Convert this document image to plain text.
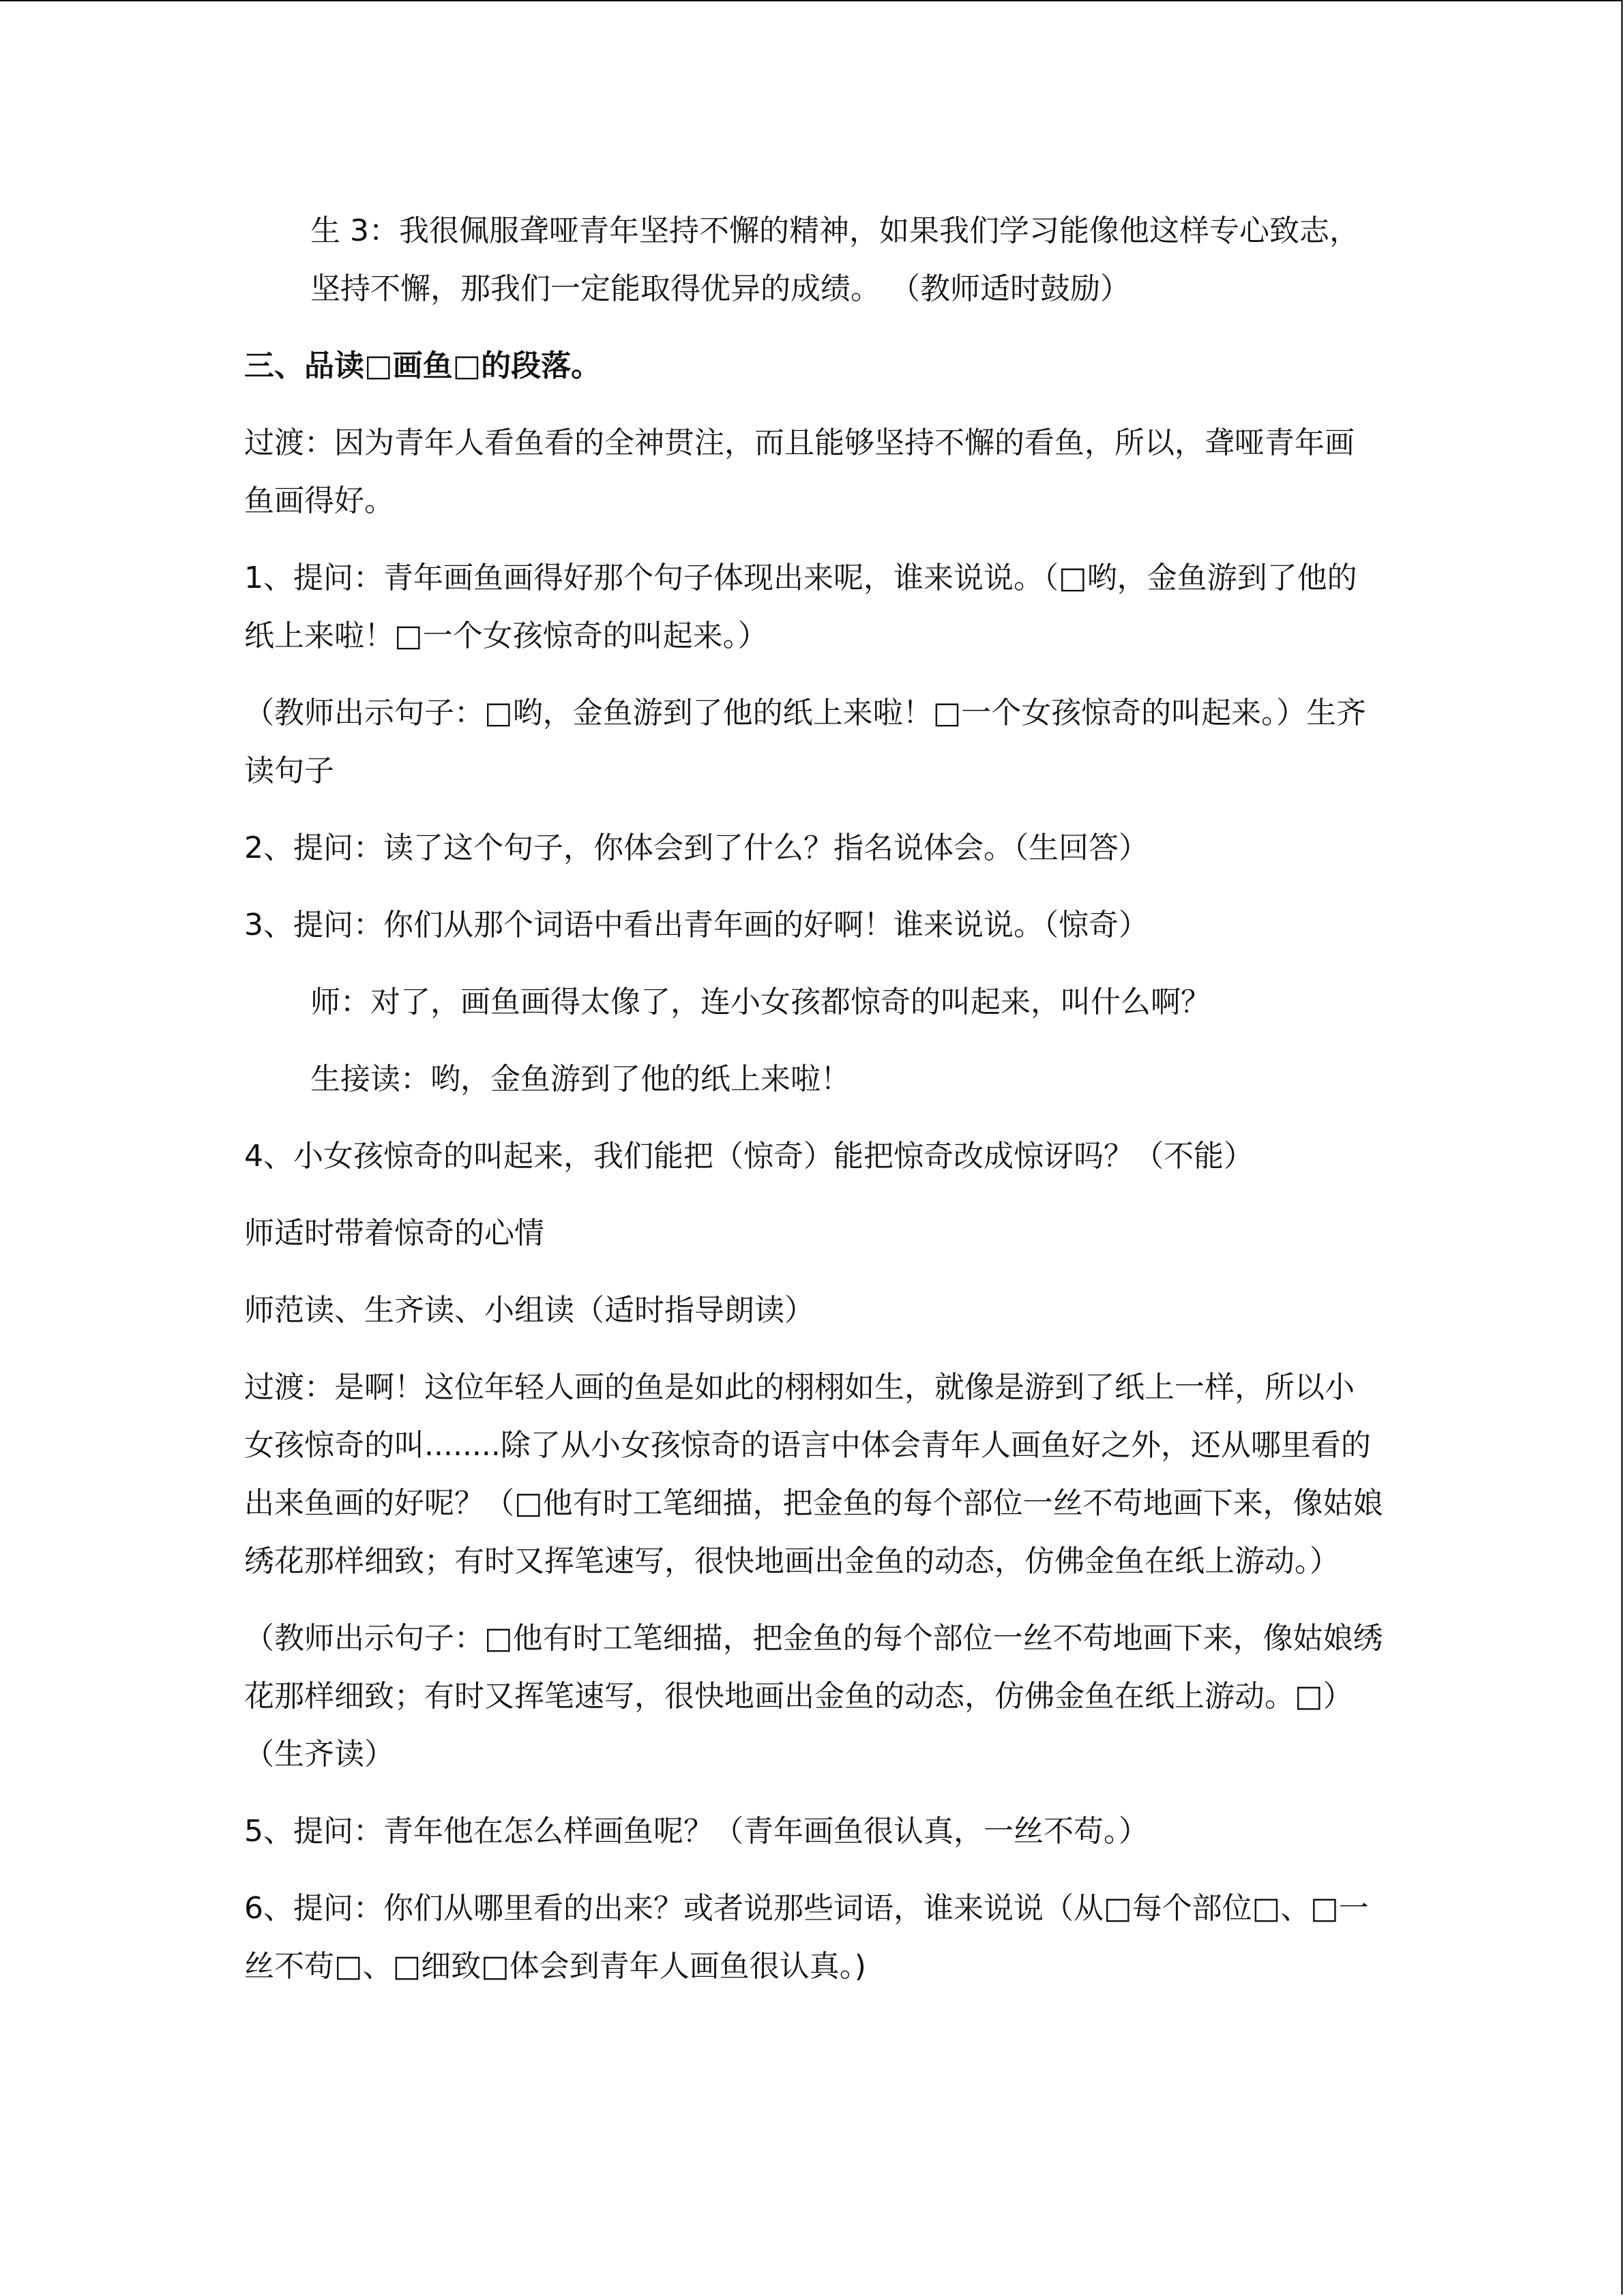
生 3：我很佩服聋哑青年坚持不懈的精神，如果我们学习能像他这样专心致志，坚持不懈，那我们一定能取得优异的成绩。 （教师适时鼓励）

三、品读□画鱼□的段落。

过渡：因为青年人看鱼看的全神贯注，而且能够坚持不懈的看鱼，所以，聋哑青年画鱼画得好。

1、提问：青年画鱼画得好那个句子体现出来呢，谁来说说。（□哟，金鱼游到了他的纸上来啦！□一个女孩惊奇的叫起来。）

（教师出示句子：□哟，金鱼游到了他的纸上来啦！□一个女孩惊奇的叫起来。）生齐读句子

2、提问：读了这个句子，你体会到了什么？指名说体会。（生回答）

3、提问：你们从那个词语中看出青年画的好啊！谁来说说。（惊奇）

师：对了，画鱼画得太像了，连小女孩都惊奇的叫起来，叫什么啊？

生接读：哟，金鱼游到了他的纸上来啦！

4、小女孩惊奇的叫起来，我们能把（惊奇）能把惊奇改成惊讶吗？（不能）

师适时带着惊奇的心情

师范读、生齐读、小组读（适时指导朗读）

过渡：是啊！这位年轻人画的鱼是如此的栩栩如生，就像是游到了纸上一样，所以小女孩惊奇的叫........除了从小女孩惊奇的语言中体会青年人画鱼好之外，还从哪里看的出来鱼画的好呢？（□他有时工笔细描，把金鱼的每个部位一丝不苟地画下来，像姑娘绣花那样细致；有时又挥笔速写，很快地画出金鱼的动态，仿佛金鱼在纸上游动。）

（教师出示句子：□他有时工笔细描，把金鱼的每个部位一丝不苟地画下来，像姑娘绣花那样细致；有时又挥笔速写，很快地画出金鱼的动态，仿佛金鱼在纸上游动。□）（生齐读）

5、提问：青年他在怎么样画鱼呢？（青年画鱼很认真，一丝不苟。）

6、提问：你们从哪里看的出来？或者说那些词语，谁来说说（从□每个部位□、□一丝不苟□、□细致□体会到青年人画鱼很认真。)
